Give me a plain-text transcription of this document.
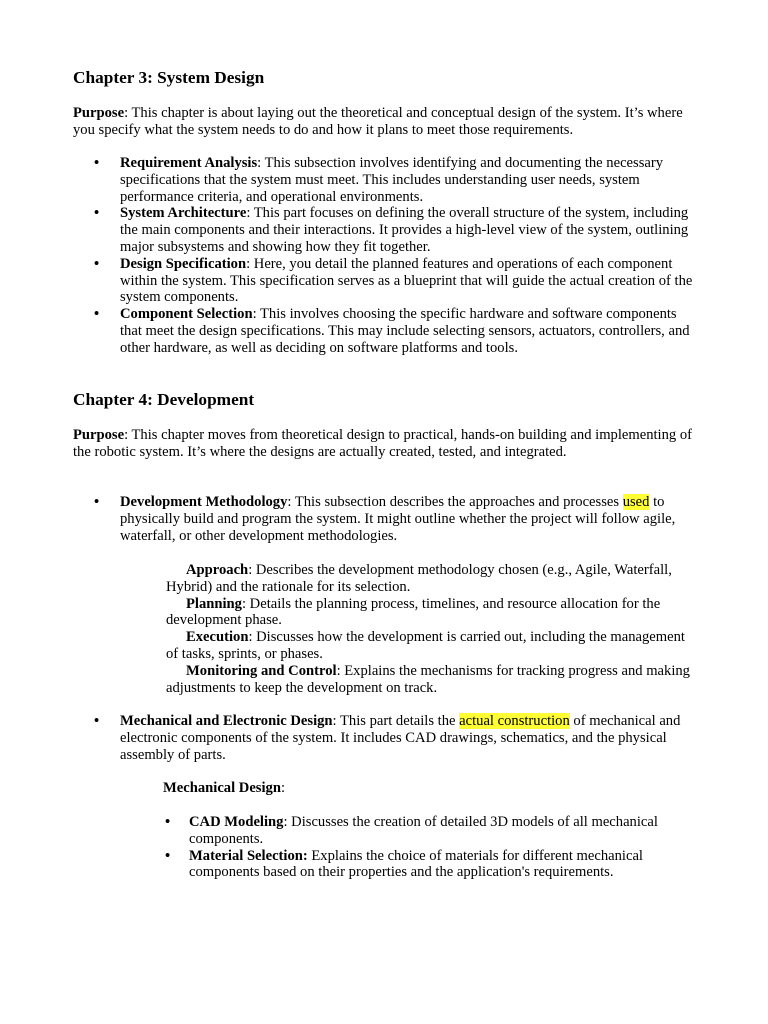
Chapter 3: System Design

Purpose: This chapter is about laying out the theoretical and conceptual design of the system. It’s where you specify what the system needs to do and how it plans to meet those requirements.

• Requirement Analysis: This subsection involves identifying and documenting the necessary specifications that the system must meet. This includes understanding user needs, system performance criteria, and operational environments.
• System Architecture: This part focuses on defining the overall structure of the system, including the main components and their interactions. It provides a high-level view of the system, outlining major subsystems and showing how they fit together.
• Design Specification: Here, you detail the planned features and operations of each component within the system. This specification serves as a blueprint that will guide the actual creation of the system components.
• Component Selection: This involves choosing the specific hardware and software components that meet the design specifications. This may include selecting sensors, actuators, controllers, and other hardware, as well as deciding on software platforms and tools.
Chapter 4: Development

Purpose: This chapter moves from theoretical design to practical, hands-on building and implementing of the robotic system. It’s where the designs are actually created, tested, and integrated.

• Development Methodology: This subsection describes the approaches and processes used to physically build and program the system. It might outline whether the project will follow agile, waterfall, or other development methodologies.

Approach: Describes the development methodology chosen (e.g., Agile, Waterfall, Hybrid) and the rationale for its selection.

Planning: Details the planning process, timelines, and resource allocation for the development phase.

Execution: Discusses how the development is carried out, including the management of tasks, sprints, or phases.

Monitoring and Control: Explains the mechanisms for tracking progress and making adjustments to keep the development on track.

• Mechanical and Electronic Design: This part details the actual construction of mechanical and electronic components of the system. It includes CAD drawings, schematics, and the physical assembly of parts.

Mechanical Design:

• CAD Modeling: Discusses the creation of detailed 3D models of all mechanical components.
• Material Selection: Explains the choice of materials for different mechanical components based on their properties and the application's requirements.
